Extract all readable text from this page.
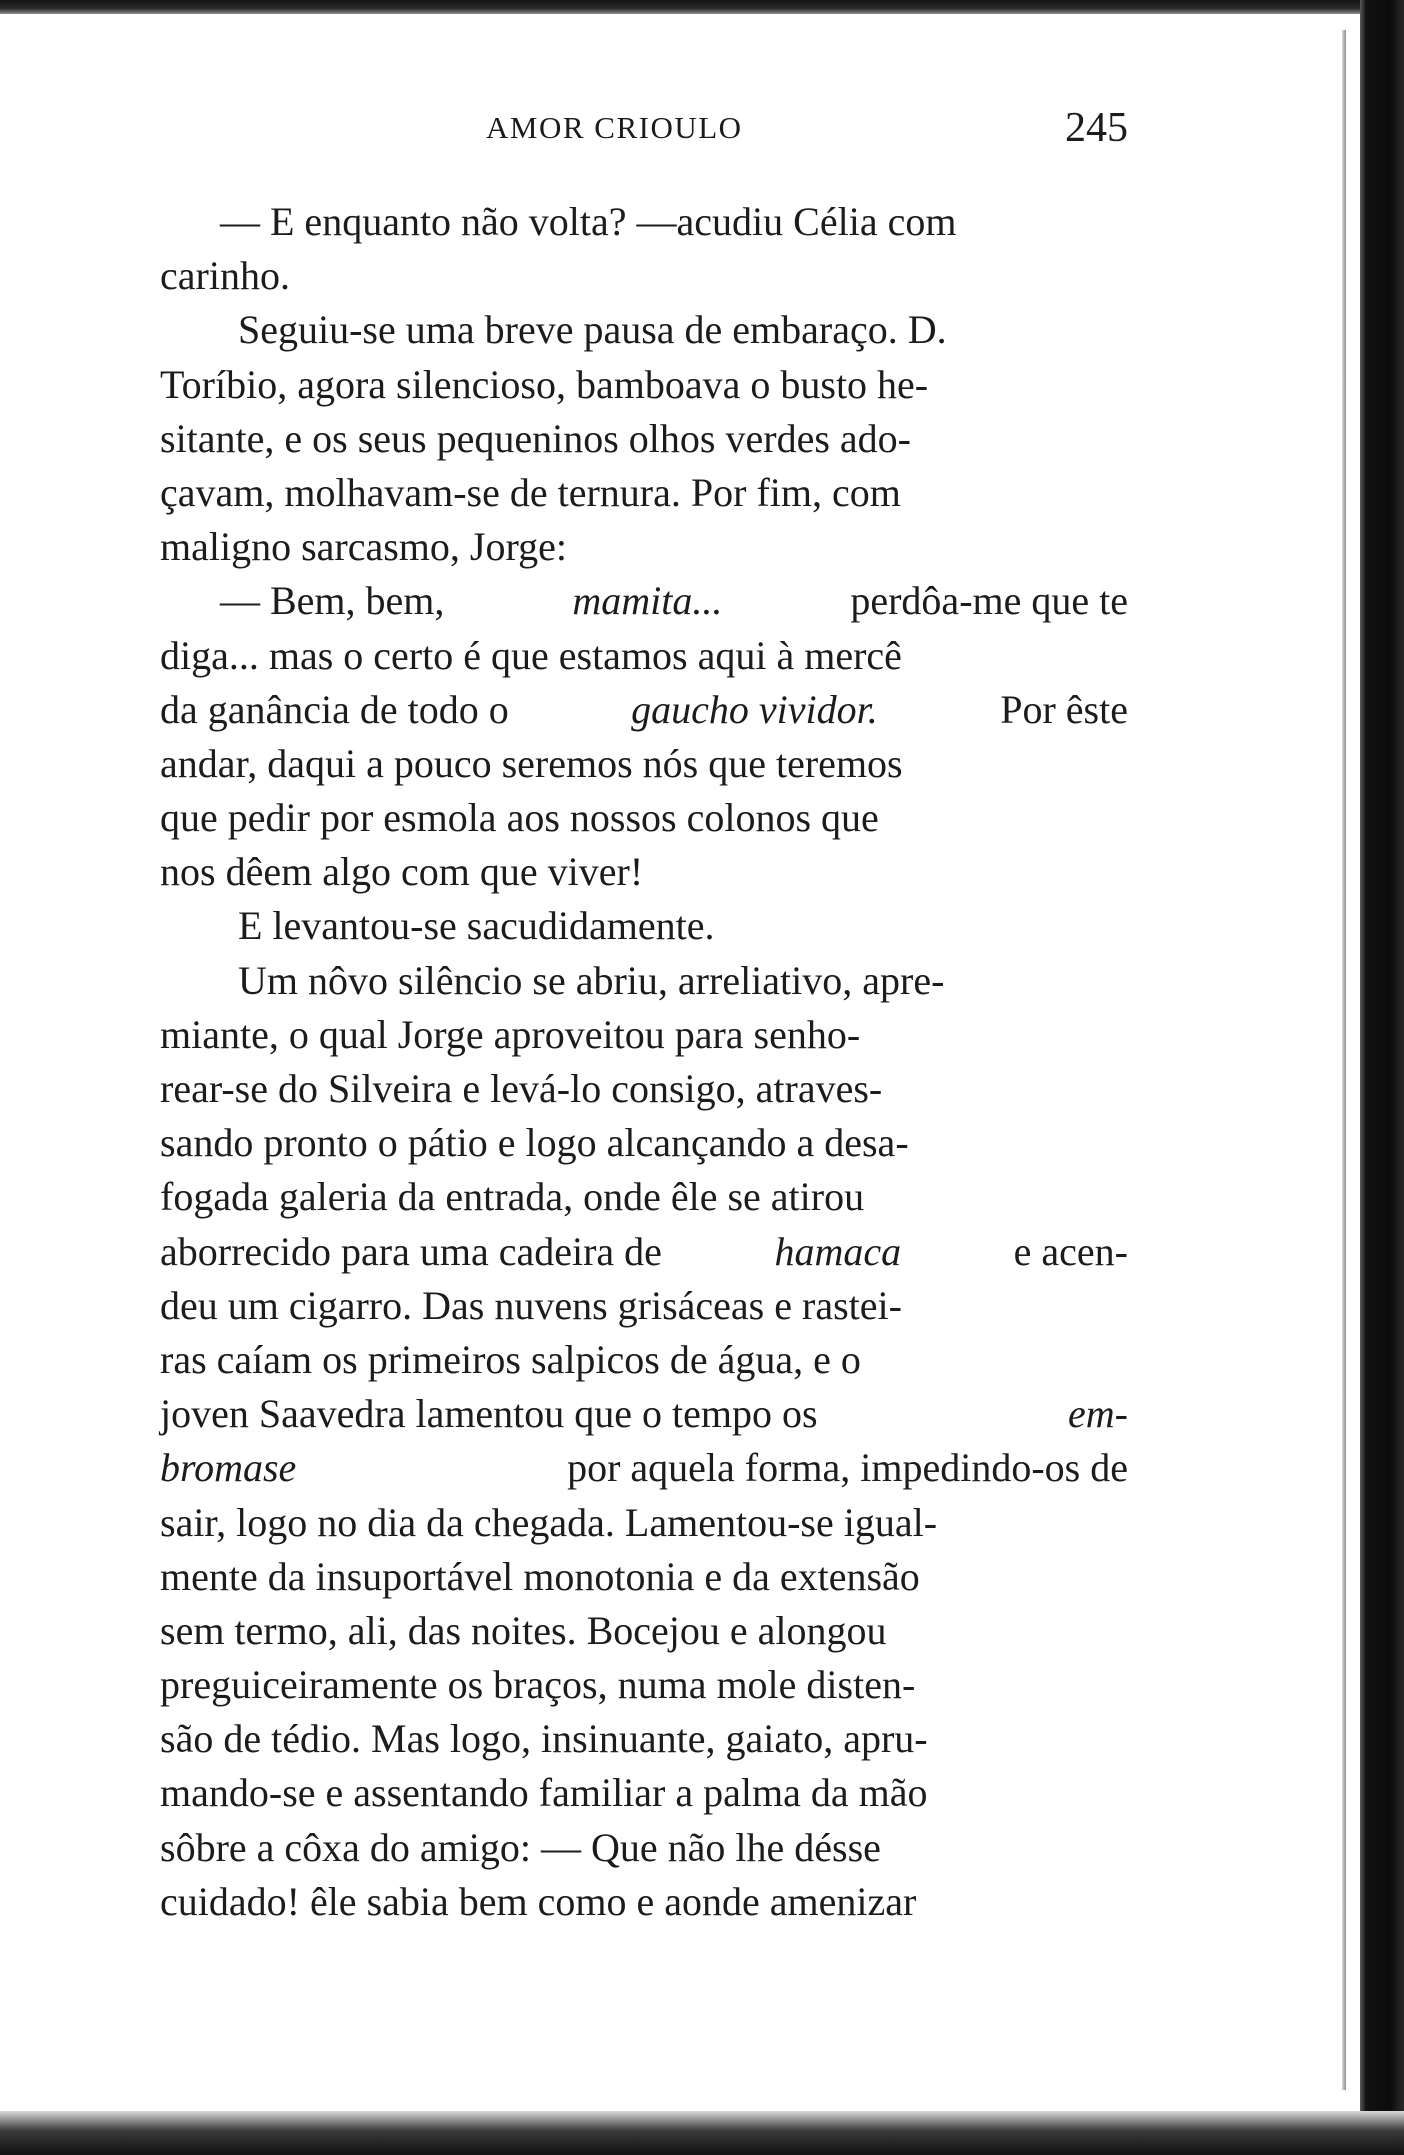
AMOR CRIOULO	245
— E enquanto não volta? —acudiu Célia com
carinho.
Seguiu-se uma breve pausa de embaraço. D.
Toríbio, agora silencioso, bamboava o busto he-
sitante, e os seus pequeninos olhos verdes ado-
çavam, molhavam-se de ternura. Por fim, com
maligno sarcasmo, Jorge:
— Bem, bem,	mamita...	perdôa-me que te
diga... mas o certo é que estamos aqui à mercê
da ganância de todo o	gaucho vividor.	Por êste
andar, daqui a pouco seremos nós que teremos
que pedir por esmola aos nossos colonos que
nos dêem algo com que viver!
E levantou-se sacudidamente.
Um nôvo silêncio se abriu, arreliativo, apre-
miante, o qual Jorge aproveitou para senho-
rear-se do Silveira e levá-lo consigo, atraves-
sando pronto o pátio e logo alcançando a desa-
fogada galeria da entrada, onde êle se atirou
aborrecido para uma cadeira de	hamaca	e acen-
deu um cigarro. Das nuvens grisáceas e rastei-
ras caíam os primeiros salpicos de água, e o
joven Saavedra lamentou que o tempo os	em-
bromase	por aquela forma, impedindo-os de
sair, logo no dia da chegada. Lamentou-se igual-
mente da insuportável monotonia e da extensão
sem termo, ali, das noites. Bocejou e alongou
preguiceiramente os braços, numa mole disten-
são de tédio. Mas logo, insinuante, gaiato, apru-
mando-se e assentando familiar a palma da mão
sôbre a côxa do amigo: — Que não lhe désse
cuidado! êle sabia bem como e aonde amenizar
